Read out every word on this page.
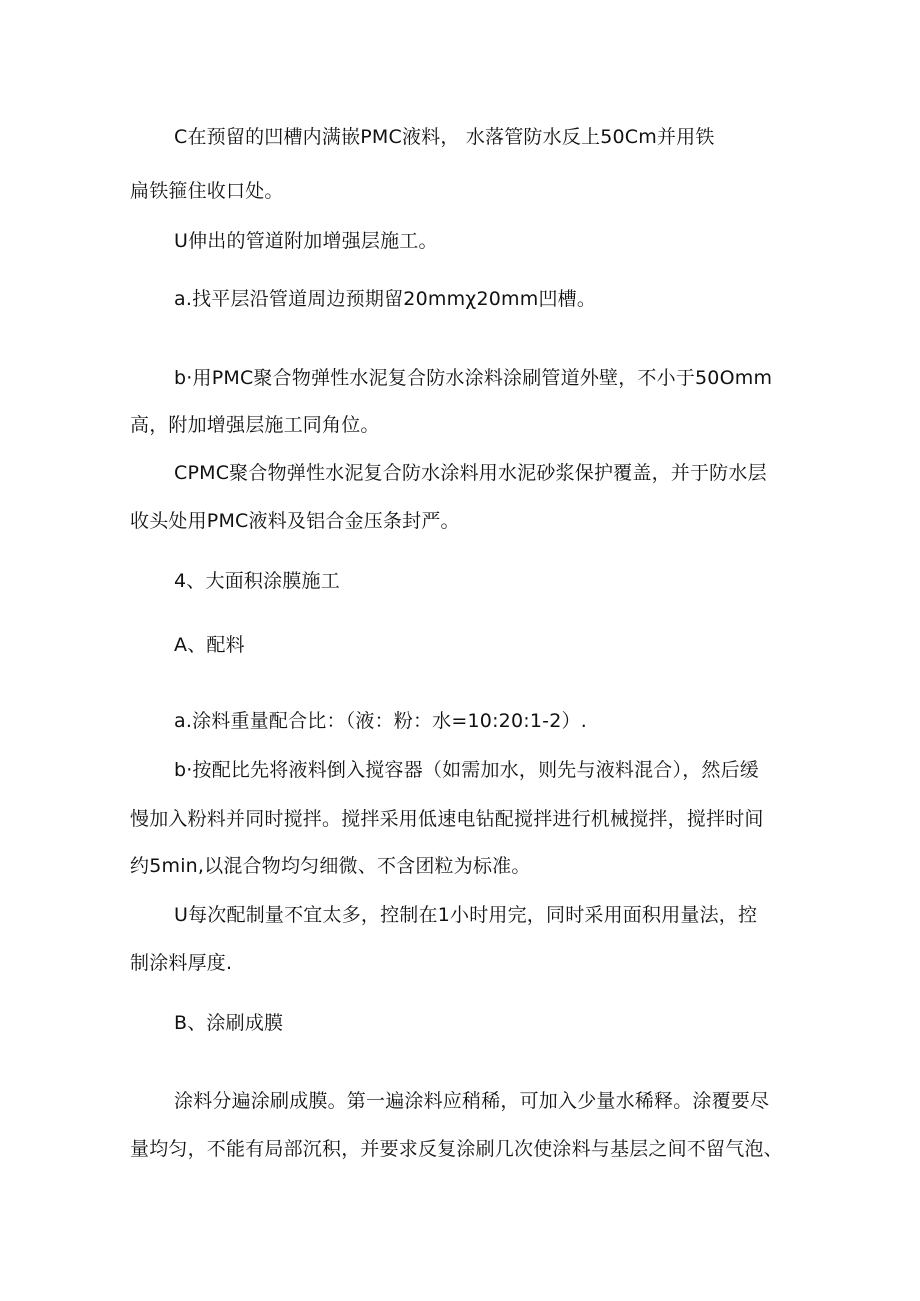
C在预留的凹槽内满嵌PMC液料， 水落管防水反上50Cm并用铁
扁铁箍住收口处。
U伸出的管道附加增强层施工。
a.找平层沿管道周边预期留20mmχ20mm凹槽。
b·用PMC聚合物弹性水泥复合防水涂料涂刷管道外壁，不小于50Omm
高，附加增强层施工同角位。
CPMC聚合物弹性水泥复合防水涂料用水泥砂浆保护覆盖，并于防水层
收头处用PMC液料及铝合金压条封严。
4、大面积涂膜施工
A、配料
a.涂料重量配合比：（液：粉：水=10:20:1-2）.
b·按配比先将液料倒入搅容器（如需加水，则先与液料混合），然后缓
慢加入粉料并同时搅拌。搅拌采用低速电钻配搅拌进行机械搅拌，搅拌时间
约5min,以混合物均匀细微、不含团粒为标准。
U每次配制量不宜太多，控制在1小时用完，同时采用面积用量法，控
制涂料厚度.
B、涂刷成膜
涂料分遍涂刷成膜。第一遍涂料应稍稀，可加入少量水稀释。涂覆要尽
量均匀，不能有局部沉积，并要求反复涂刷几次使涂料与基层之间不留气泡、
